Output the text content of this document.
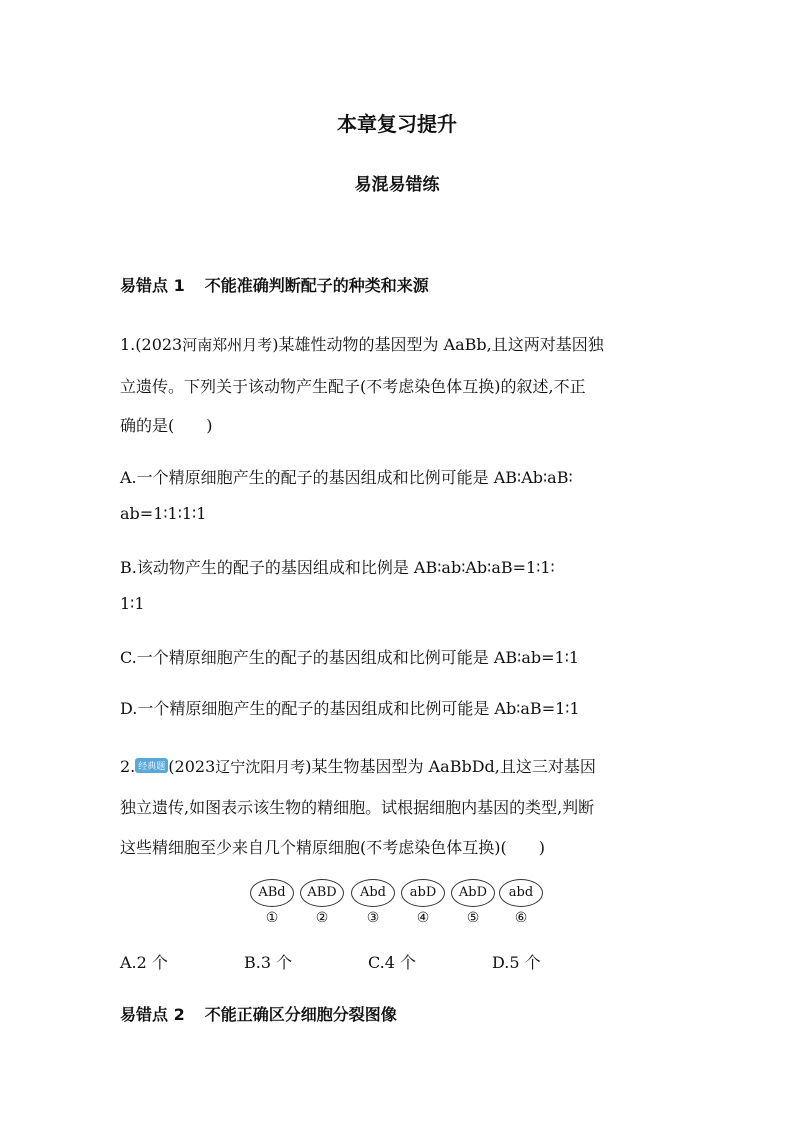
本章复习提升
易混易错练
易错点 1 不能准确判断配子的种类和来源
1.(2023河南郑州月考)某雄性动物的基因型为 AaBb,且这两对基因独
立遗传。下列关于该动物产生配子(不考虑染色体互换)的叙述,不正
确的是(　　)
A.一个精原细胞产生的配子的基因组成和比例可能是 AB∶Ab∶aB∶
ab=1∶1∶1∶1
B.该动物产生的配子的基因组成和比例是 AB∶ab∶Ab∶aB=1∶1∶
1∶1
C.一个精原细胞产生的配子的基因组成和比例可能是 AB∶ab=1∶1
D.一个精原细胞产生的配子的基因组成和比例可能是 Ab∶aB=1∶1
2. 经典题 (2023辽宁沈阳月考)某生物基因型为 AaBbDd,且这三对基因
独立遗传,如图表示该生物的精细胞。试根据细胞内基因的类型,判断
这些精细胞至少来自几个精原细胞(不考虑染色体互换)(　　)
ABd	ABD	Abd	abD	AbD	abd
①	②	③	④	⑤	⑥
A.2 个	B.3 个	C.4 个	D.5 个
易错点 2 不能正确区分细胞分裂图像
